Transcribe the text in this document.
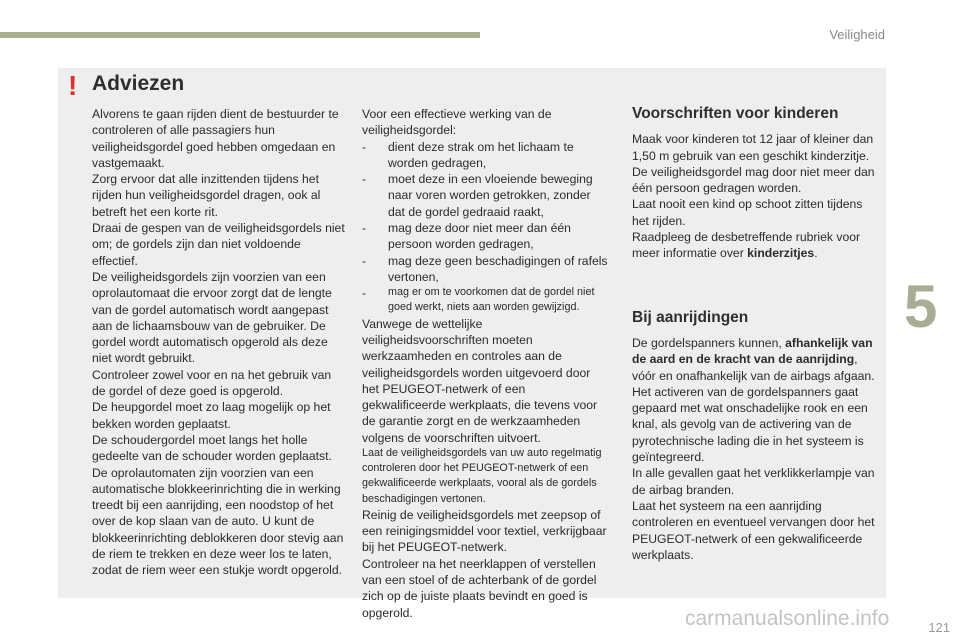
Veiligheid
5
! Adviezen

Alvorens te gaan rijden dient de bestuurder te controleren of alle passagiers hun veiligheidsgordel goed hebben omgedaan en vastgemaakt.

Zorg ervoor dat alle inzittenden tijdens het rijden hun veiligheidsgordel dragen, ook al betreft het een korte rit.

Draai de gespen van de veiligheidsgordels niet om; de gordels zijn dan niet voldoende effectief.

De veiligheidsgordels zijn voorzien van een oprolautomaat die ervoor zorgt dat de lengte van de gordel automatisch wordt aangepast aan de lichaamsbouw van de gebruiker. De gordel wordt automatisch opgerold als deze niet wordt gebruikt.

Controleer zowel voor en na het gebruik van de gordel of deze goed is opgerold.

De heupgordel moet zo laag mogelijk op het bekken worden geplaatst.

De schoudergordel moet langs het holle gedeelte van de schouder worden geplaatst.

De oprolautomaten zijn voorzien van een automatische blokkeerinrichting die in werking treedt bij een aanrijding, een noodstop of het over de kop slaan van de auto. U kunt de blokkeerinrichting deblokkeren door stevig aan de riem te trekken en deze weer los te laten, zodat de riem weer een stukje wordt opgerold.

Voor een effectieve werking van de veiligheidsgordel:

-	dient deze strak om het lichaam te worden gedragen,
-	moet deze in een vloeiende beweging naar voren worden getrokken, zonder dat de gordel gedraaid raakt,
-	mag deze door niet meer dan één persoon worden gedragen,
-	mag deze geen beschadigingen of rafels vertonen,
-	mag er om te voorkomen dat de gordel niet goed werkt, niets aan worden gewijzigd.

Vanwege de wettelijke veiligheidsvoorschriften moeten werkzaamheden en controles aan de veiligheidsgordels worden uitgevoerd door het PEUGEOT-netwerk of een gekwalificeerde werkplaats, die tevens voor de garantie zorgt en de werkzaamheden volgens de voorschriften uitvoert.

Laat de veiligheidsgordels van uw auto regelmatig controleren door het PEUGEOT-netwerk of een gekwalificeerde werkplaats, vooral als de gordels beschadigingen vertonen.

Reinig de veiligheidsgordels met zeepsop of een reinigingsmiddel voor textiel, verkrijgbaar bij het PEUGEOT-netwerk.

Controleer na het neerklappen of verstellen van een stoel of de achterbank of de gordel zich op de juiste plaats bevindt en goed is opgerold.

Voorschriften voor kinderen

Maak voor kinderen tot 12 jaar of kleiner dan 1,50 m gebruik van een geschikt kinderzitje.

De veiligheidsgordel mag door niet meer dan één persoon gedragen worden.

Laat nooit een kind op schoot zitten tijdens het rijden.

Raadpleeg de desbetreffende rubriek voor meer informatie over kinderzitjes.

Bij aanrijdingen

De gordelspanners kunnen, afhankelijk van de aard en de kracht van de aanrijding, vóór en onafhankelijk van de airbags afgaan.

Het activeren van de gordelspanners gaat gepaard met wat onschadelijke rook en een knal, als gevolg van de activering van de pyrotechnische lading die in het systeem is geïntegreerd.

In alle gevallen gaat het verklikkerlampje van de airbag branden.

Laat het systeem na een aanrijding controleren en eventueel vervangen door het PEUGEOT-netwerk of een gekwalificeerde werkplaats.

carmanualsonline.info	121
